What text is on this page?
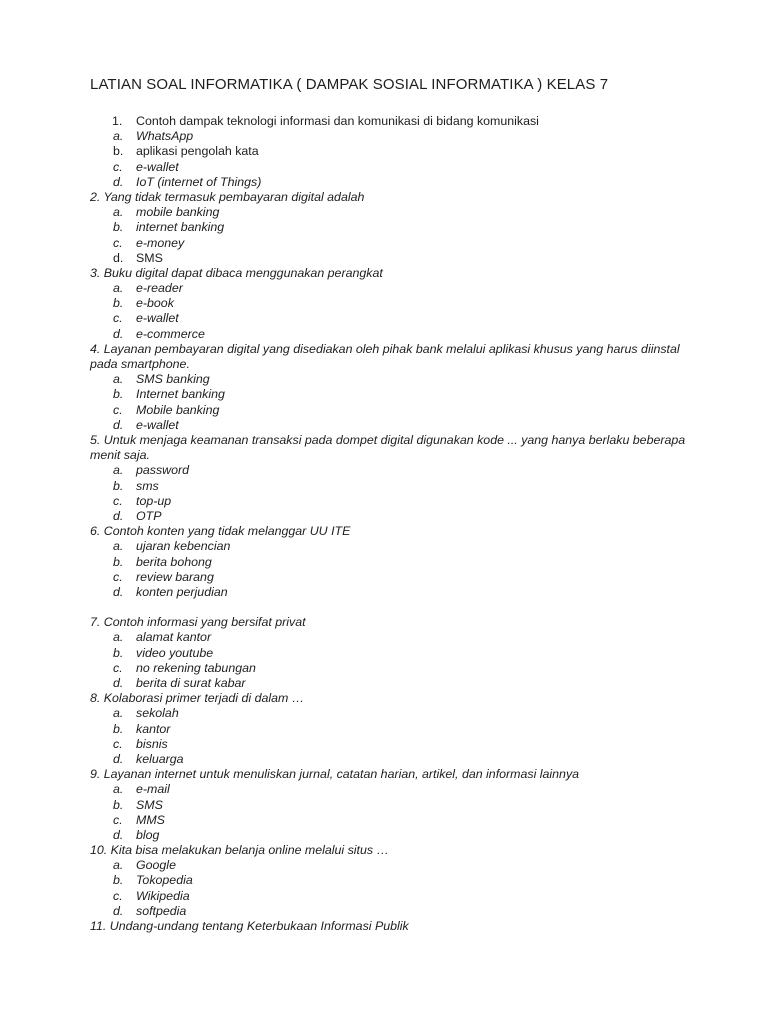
LATIAN SOAL INFORMATIKA ( DAMPAK SOSIAL INFORMATIKA ) KELAS 7
1. Contoh dampak teknologi informasi dan komunikasi di bidang komunikasi
a. WhatsApp
b. aplikasi pengolah kata
c. e-wallet
d. IoT (internet of Things)
2. Yang tidak termasuk pembayaran digital adalah
a. mobile banking
b. internet banking
c. e-money
d. SMS
3. Buku digital dapat dibaca menggunakan perangkat
a. e-reader
b. e-book
c. e-wallet
d. e-commerce
4. Layanan pembayaran digital yang disediakan oleh pihak bank melalui aplikasi khusus yang harus diinstal pada smartphone.
a. SMS banking
b. Internet banking
c. Mobile banking
d. e-wallet
5. Untuk menjaga keamanan transaksi pada dompet digital digunakan kode ... yang hanya berlaku beberapa menit saja.
a. password
b. sms
c. top-up
d. OTP
6. Contoh konten yang tidak melanggar UU ITE
a. ujaran kebencian
b. berita bohong
c. review barang
d. konten perjudian
7. Contoh informasi yang bersifat privat
a. alamat kantor
b. video youtube
c. no rekening tabungan
d. berita di surat kabar
8. Kolaborasi primer terjadi di dalam …
a. sekolah
b. kantor
c. bisnis
d. keluarga
9. Layanan internet untuk menuliskan jurnal, catatan harian, artikel, dan informasi lainnya
a. e-mail
b. SMS
c. MMS
d. blog
10. Kita bisa melakukan belanja online melalui situs …
a. Google
b. Tokopedia
c. Wikipedia
d. softpedia
11. Undang-undang tentang Keterbukaan Informasi Publik
